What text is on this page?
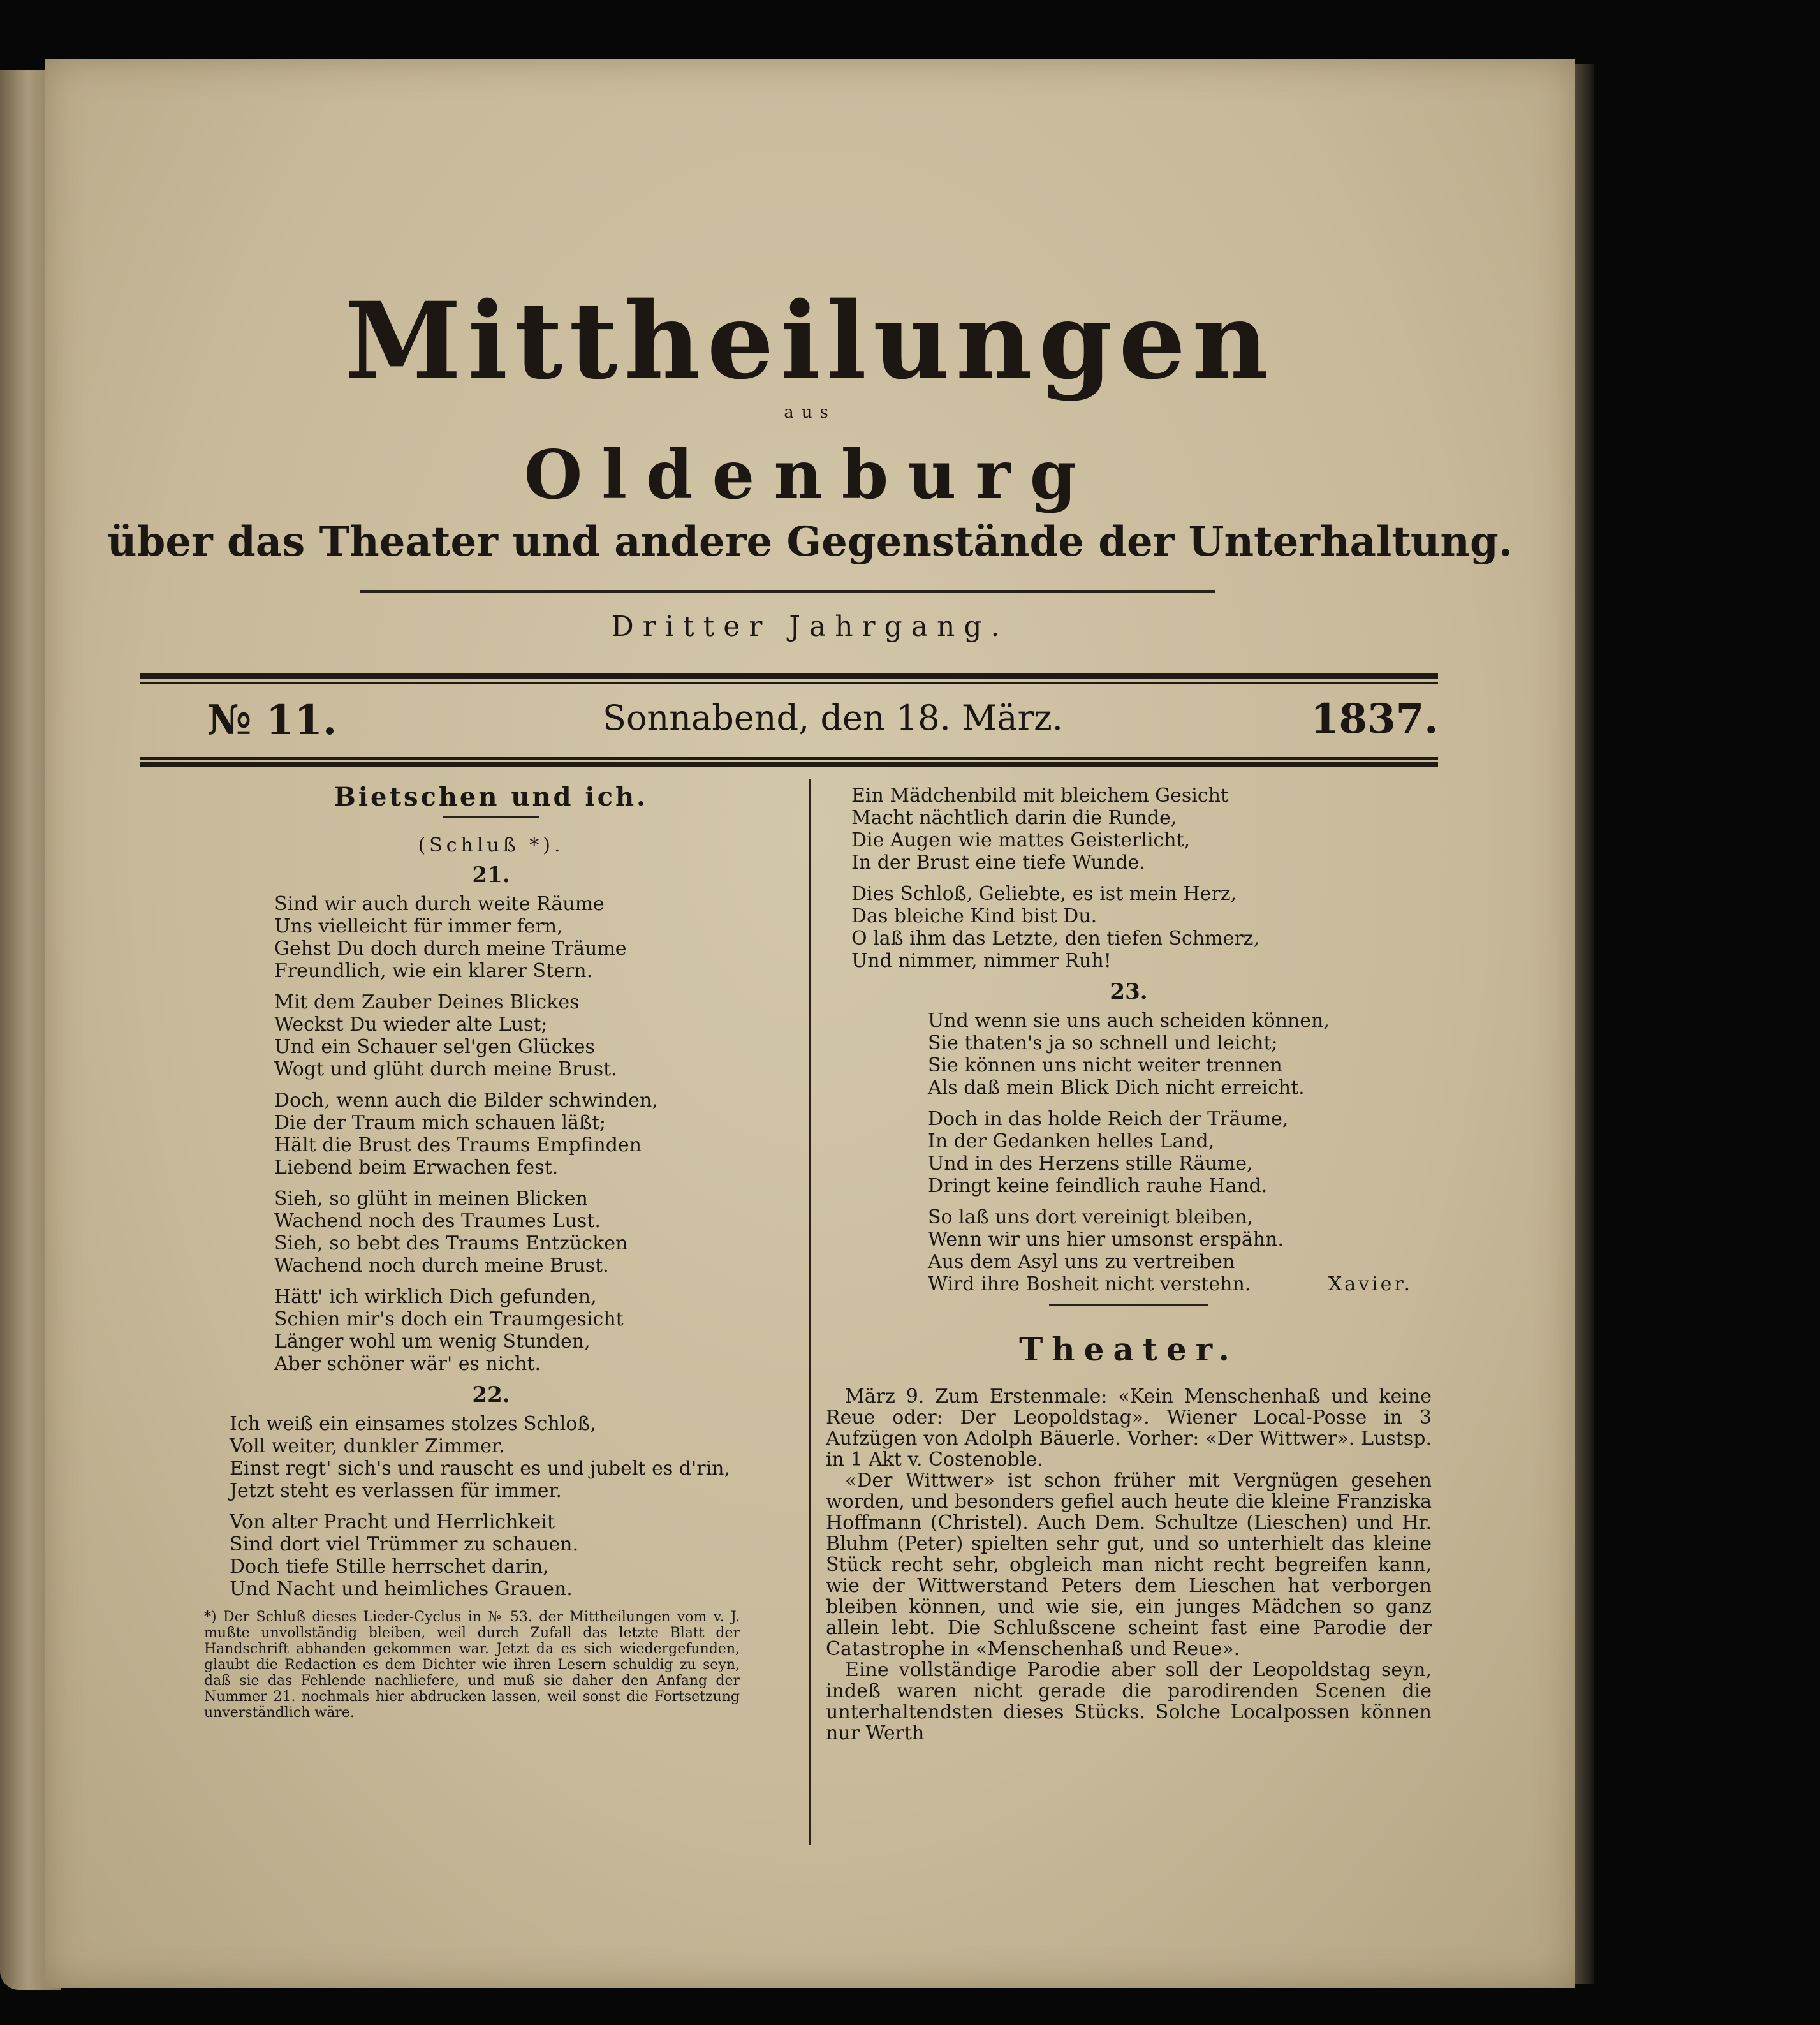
Mittheilungen
aus
Oldenburg
über das Theater und andere Gegenstände der Unterhaltung.
Dritter Jahrgang.
№ 11.	Sonnabend, den 18. März.	1837.
Bietschen und ich.
(Schluß *).
21.
Sind wir auch durch weite Räume
Uns vielleicht für immer fern,
Gehst Du doch durch meine Träume
Freundlich, wie ein klarer Stern.
Mit dem Zauber Deines Blickes
Weckst Du wieder alte Lust;
Und ein Schauer sel'gen Glückes
Wogt und glüht durch meine Brust.
Doch, wenn auch die Bilder schwinden,
Die der Traum mich schauen läßt;
Hält die Brust des Traums Empfinden
Liebend beim Erwachen fest.
Sieh, so glüht in meinen Blicken
Wachend noch des Traumes Lust.
Sieh, so bebt des Traums Entzücken
Wachend noch durch meine Brust.
Hätt' ich wirklich Dich gefunden,
Schien mir's doch ein Traumgesicht
Länger wohl um wenig Stunden,
Aber schöner wär' es nicht.
22.
Ich weiß ein einsames stolzes Schloß,
Voll weiter, dunkler Zimmer.
Einst regt' sich's und rauscht es und jubelt es d'rin,
Jetzt steht es verlassen für immer.
Von alter Pracht und Herrlichkeit
Sind dort viel Trümmer zu schauen.
Doch tiefe Stille herrschet darin,
Und Nacht und heimliches Grauen.
*) Der Schluß dieses Lieder-Cyclus in № 53. der Mittheilungen vom v. J. mußte unvollständig bleiben, weil durch Zufall das letzte Blatt der Handschrift abhanden gekommen war. Jetzt da es sich wiedergefunden, glaubt die Redaction es dem Dichter wie ihren Lesern schuldig zu seyn, daß sie das Fehlende nachliefere, und muß sie daher den Anfang der Nummer 21. nochmals hier abdrucken lassen, weil sonst die Fortsetzung unverständlich wäre.
Ein Mädchenbild mit bleichem Gesicht
Macht nächtlich darin die Runde,
Die Augen wie mattes Geisterlicht,
In der Brust eine tiefe Wunde.
Dies Schloß, Geliebte, es ist mein Herz,
Das bleiche Kind bist Du.
O laß ihm das Letzte, den tiefen Schmerz,
Und nimmer, nimmer Ruh!
23.
Und wenn sie uns auch scheiden können,
Sie thaten's ja so schnell und leicht;
Sie können uns nicht weiter trennen
Als daß mein Blick Dich nicht erreicht.
Doch in das holde Reich der Träume,
In der Gedanken helles Land,
Und in des Herzens stille Räume,
Dringt keine feindlich rauhe Hand.
So laß uns dort vereinigt bleiben,
Wenn wir uns hier umsonst erspähn.
Aus dem Asyl uns zu vertreiben
Wird ihre Bosheit nicht verstehn.	Xavier.
Theater.

März 9. Zum Erstenmale: «Kein Menschenhaß und keine Reue oder: Der Leopoldstag». Wiener Local-Posse in 3 Aufzügen von Adolph Bäuerle. Vorher: «Der Wittwer». Lustsp. in 1 Akt v. Costenoble.

«Der Wittwer» ist schon früher mit Vergnügen gesehen worden, und besonders gefiel auch heute die kleine Franziska Hoffmann (Christel). Auch Dem. Schultze (Lieschen) und Hr. Bluhm (Peter) spielten sehr gut, und so unterhielt das kleine Stück recht sehr, obgleich man nicht recht begreifen kann, wie der Wittwerstand Peters dem Lieschen hat verborgen bleiben können, und wie sie, ein junges Mädchen so ganz allein lebt. Die Schlußscene scheint fast eine Parodie der Catastrophe in «Menschenhaß und Reue».

Eine vollständige Parodie aber soll der Leopoldstag seyn, indeß waren nicht gerade die parodirenden Scenen die unterhaltendsten dieses Stücks. Solche Localpossen können nur Werth
